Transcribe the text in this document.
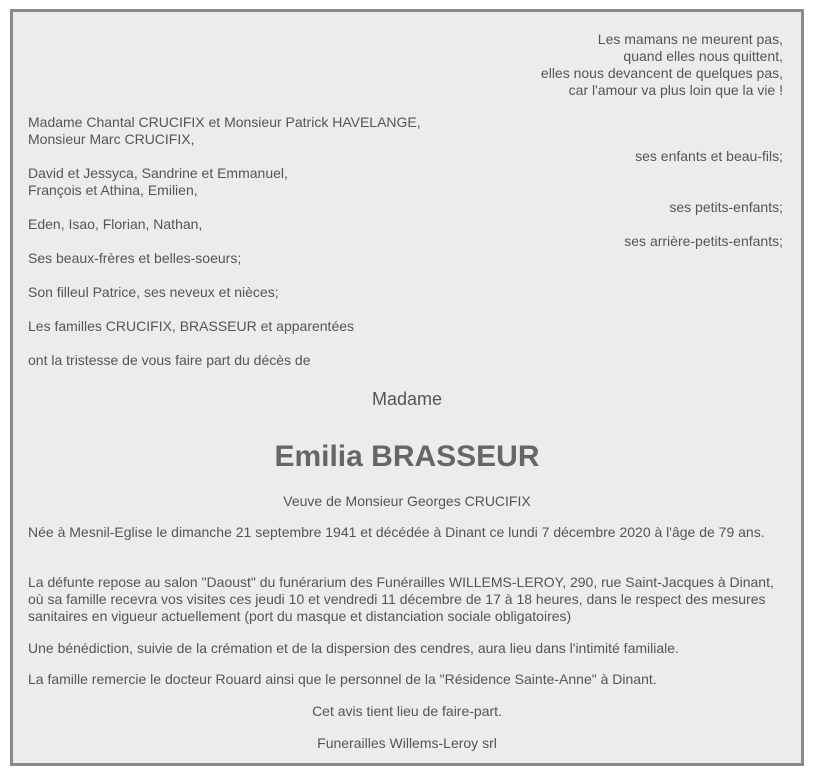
Les mamans ne meurent pas,
quand elles nous quittent,
elles nous devancent de quelques pas,
car l'amour va plus loin que la vie !
Madame Chantal CRUCIFIX et Monsieur Patrick HAVELANGE,
Monsieur Marc CRUCIFIX,
ses enfants et beau-fils;
David et Jessyca, Sandrine et Emmanuel,
François et Athina, Emilien,
ses petits-enfants;
Eden, Isao, Florian, Nathan,
ses arrière-petits-enfants;
Ses beaux-frères et belles-soeurs;
Son filleul Patrice, ses neveux et nièces;
Les familles CRUCIFIX, BRASSEUR et apparentées
ont la tristesse de vous faire part du décès de
Madame
Emilia BRASSEUR
Veuve de Monsieur Georges CRUCIFIX
Née à Mesnil-Eglise le dimanche 21 septembre 1941 et décédée à Dinant ce lundi 7 décembre 2020 à l'âge de 79 ans.
La défunte repose au salon "Daoust" du funérarium des Funérailles WILLEMS-LEROY, 290, rue Saint-Jacques à Dinant, où sa famille recevra vos visites ces jeudi 10 et vendredi 11 décembre de 17 à 18 heures, dans le respect des mesures sanitaires en vigueur actuellement (port du masque et distanciation sociale obligatoires)
Une bénédiction, suivie de la crémation et de la dispersion des cendres, aura lieu dans l'intimité familiale.
La famille remercie le docteur Rouard ainsi que le personnel de la "Résidence Sainte-Anne" à Dinant.
Cet avis tient lieu de faire-part.
Funerailles Willems-Leroy srl
